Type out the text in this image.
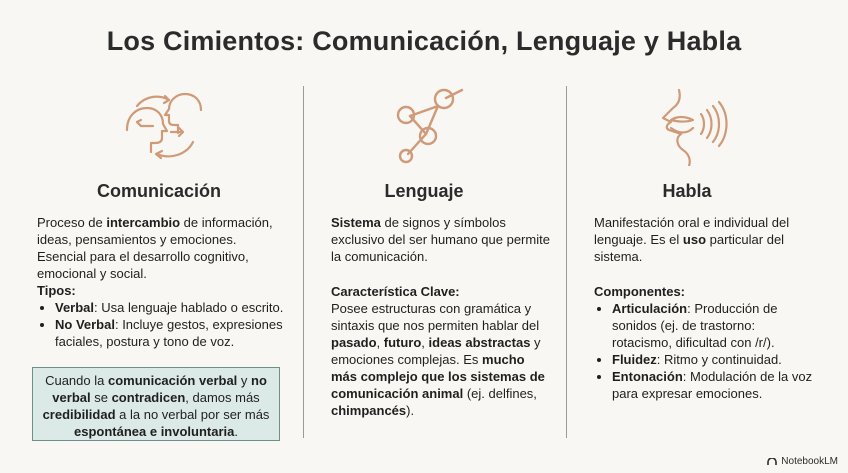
Los Cimientos: Comunicación, Lenguaje y Habla
Comunicación	Lenguaje	Habla
Proceso de intercambio de información, ideas, pensamientos y emociones. Esencial para el desarrollo cognitivo, emocional y social.
Tipos:
• Verbal: Usa lenguaje hablado o escrito.
• No Verbal: Incluye gestos, expresiones faciales, postura y tono de voz.
Cuando la comunicación verbal y no verbal se contradicen, damos más credibilidad a la no verbal por ser más espontánea e involuntaria.
Sistema de signos y símbolos exclusivo del ser humano que permite la comunicación.
Característica Clave:
Posee estructuras con gramática y sintaxis que nos permiten hablar del pasado, futuro, ideas abstractas y emociones complejas. Es mucho más complejo que los sistemas de comunicación animal (ej. delfines, chimpancés).
Manifestación oral e individual del lenguaje. Es el uso particular del sistema.
Componentes:
• Articulación: Producción de sonidos (ej. de trastorno: rotacismo, dificultad con /r/).
• Fluidez: Ritmo y continuidad.
• Entonación: Modulación de la voz para expresar emociones.
NotebookLM
